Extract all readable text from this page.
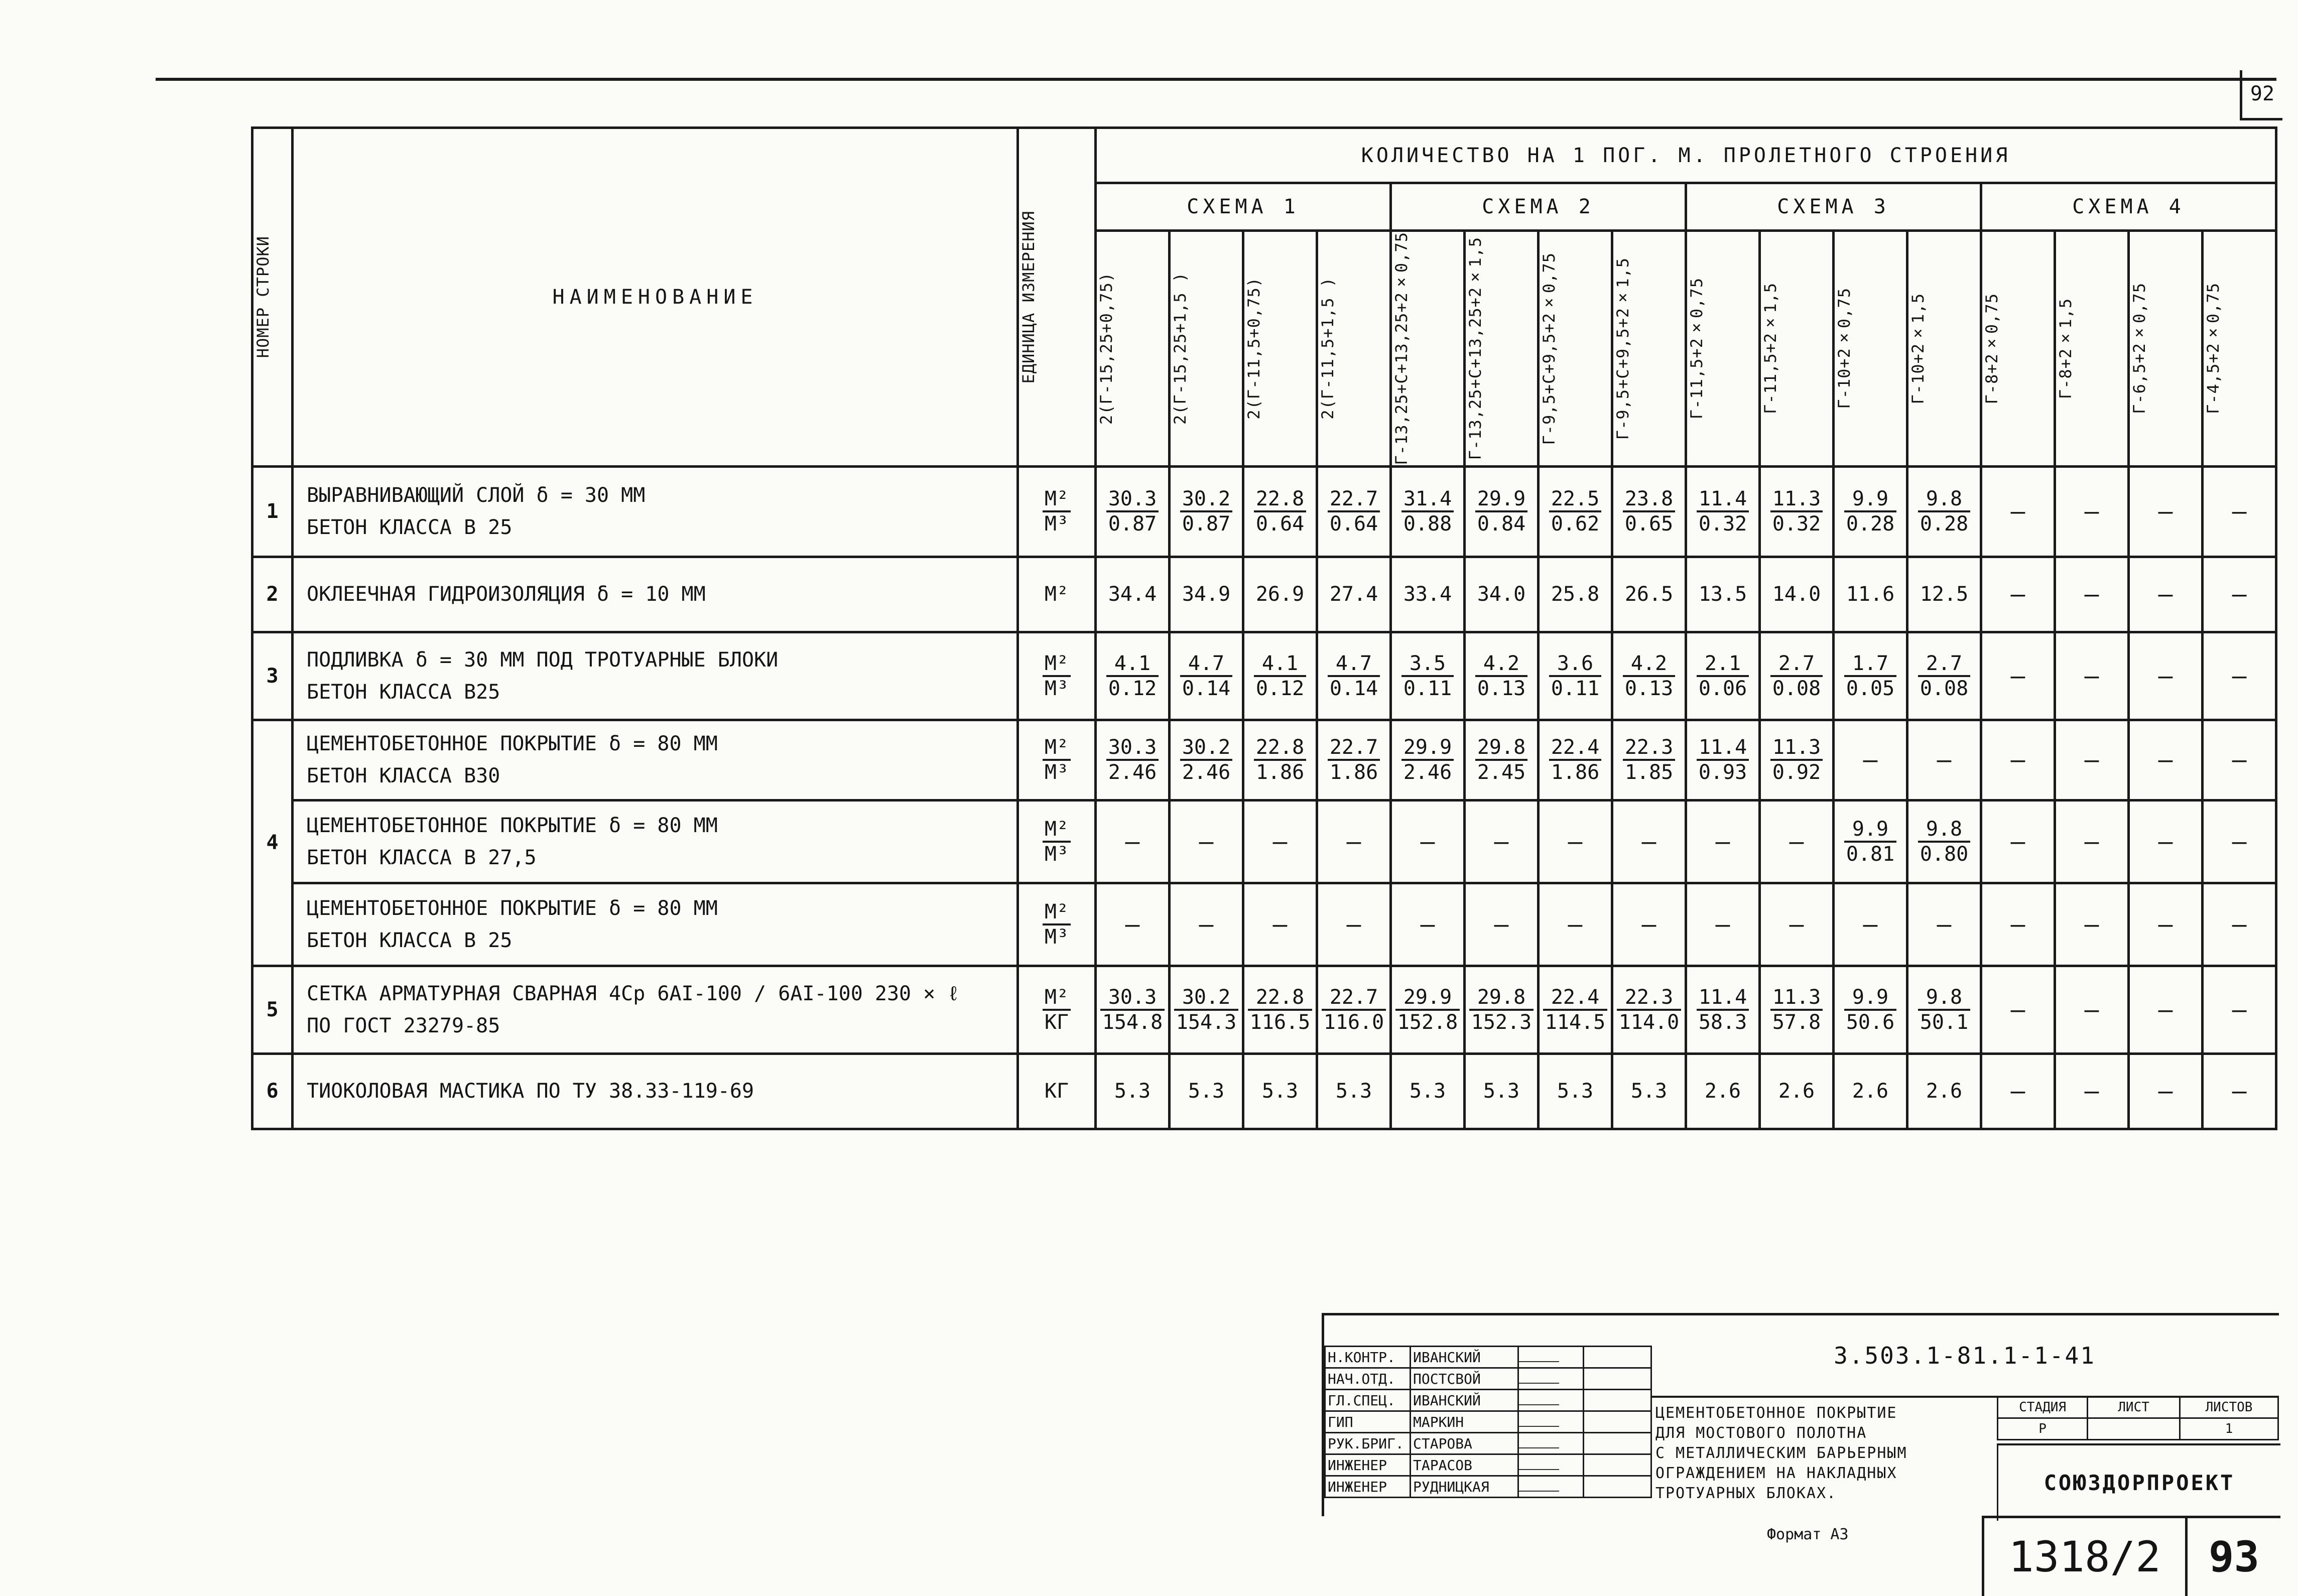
92
НОМЕР СТРОКИ	НАИМЕНОВАНИЕ	ЕДИНИЦА ИЗМЕРЕНИЯ	КОЛИЧЕСТВО НА 1 ПОГ. М. ПРОЛЕТНОГО СТРОЕНИЯ															
			СХЕМА 1				СХЕМА 2				СХЕМА 3				СХЕМА 4			

			2(Г-15,25+0,75)	2(Г-15,25+1,5 )	2(Г-11,5+0,75)	2(Г-11,5+1,5 )	Г-13,25+С+13,25+2×0,75	Г-13,25+С+13,25+2×1,5	Г-9,5+С+9,5+2×0,75	Г-9,5+С+9,5+2×1,5	Г-11,5+2×0,75	Г-11,5+2×1,5	Г-10+2×0,75	Г-10+2×1,5	Г-8+2×0,75	Г-8+2×1,5	Г-6,5+2×0,75	Г-4,5+2×0,75

1	ВЫРАВНИВАЮЩИЙ СЛОЙ δ = 30 ММ
БЕТОН КЛАССА В 25	$\frac{\text{М²}}{\text{М³}}$	$\frac{30.3}{0.87}$	$\frac{30.2}{0.87}$	$\frac{22.8}{0.64}$	$\frac{22.7}{0.64}$	$\frac{31.4}{0.88}$	$\frac{29.9}{0.84}$	$\frac{22.5}{0.62}$	$\frac{23.8}{0.65}$	$\frac{11.4}{0.32}$	$\frac{11.3}{0.32}$	$\frac{9.9}{0.28}$	$\frac{9.8}{0.28}$	—	—	—	—
2	ОКЛЕЕЧНАЯ ГИДРОИЗОЛЯЦИЯ δ = 10 ММ	М²	34.4	34.9	26.9	27.4	33.4	34.0	25.8	26.5	13.5	14.0	11.6	12.5	—	—	—	—
3	ПОДЛИВКА δ = 30 ММ ПОД ТРОТУАРНЫЕ БЛОКИ
БЕТОН КЛАССА В25	$\frac{\text{М²}}{\text{М³}}$	$\frac{4.1}{0.12}$	$\frac{4.7}{0.14}$	$\frac{4.1}{0.12}$	$\frac{4.7}{0.14}$	$\frac{3.5}{0.11}$	$\frac{4.2}{0.13}$	$\frac{3.6}{0.11}$	$\frac{4.2}{0.13}$	$\frac{2.1}{0.06}$	$\frac{2.7}{0.08}$	$\frac{1.7}{0.05}$	$\frac{2.7}{0.08}$	—	—	—	—
4	ЦЕМЕНТОБЕТОННОЕ ПОКРЫТИЕ δ = 80 ММ
БЕТОН КЛАССА В30	$\frac{\text{М²}}{\text{М³}}$	$\frac{30.3}{2.46}$	$\frac{30.2}{2.46}$	$\frac{22.8}{1.86}$	$\frac{22.7}{1.86}$	$\frac{29.9}{2.46}$	$\frac{29.8}{2.45}$	$\frac{22.4}{1.86}$	$\frac{22.3}{1.85}$	$\frac{11.4}{0.93}$	$\frac{11.3}{0.92}$	—	—	—	—	—	—

	ЦЕМЕНТОБЕТОННОЕ ПОКРЫТИЕ δ = 80 ММ
БЕТОН КЛАССА В 27,5	$\frac{\text{М²}}{\text{М³}}$	—	—	—	—	—	—	—	—	—	—	$\frac{9.9}{0.81}$	$\frac{9.8}{0.80}$	—	—	—	—

	ЦЕМЕНТОБЕТОННОЕ ПОКРЫТИЕ δ = 80 ММ
БЕТОН КЛАССА В 25	$\frac{\text{М²}}{\text{М³}}$	—	—	—	—	—	—	—	—	—	—	—	—	—	—	—	—
5	СЕТКА АРМАТУРНАЯ СВАРНАЯ 4Ср 6АI-100 / 6АI-100 230 × ℓ
ПО ГОСТ 23279-85	$\frac{\text{М²}}{КГ}$	$\frac{30.3}{154.8}$	$\frac{30.2}{154.3}$	$\frac{22.8}{116.5}$	$\frac{22.7}{116.0}$	$\frac{29.9}{152.8}$	$\frac{29.8}{152.3}$	$\frac{22.4}{114.5}$	$\frac{22.3}{114.0}$	$\frac{11.4}{58.3}$	$\frac{11.3}{57.8}$	$\frac{9.9}{50.6}$	$\frac{9.8}{50.1}$	—	—	—	—
6	ТИОКОЛОВАЯ МАСТИКА ПО ТУ 38.33-119-69	КГ	5.3	5.3	5.3	5.3	5.3	5.3	5.3	5.3	2.6	2.6	2.6	2.6	—	—	—	—
Н.КОНТР.	ИВАНСКИЙ		
НАЧ.ОТД.	ПОСТСВОЙ		
ГЛ.СПЕЦ.	ИВАНСКИЙ		
ГИП	МАРКИН		
РУК.БРИГ.	СТАРОВА		
ИНЖЕНЕР	ТАРАСОВ		
ИНЖЕНЕР	РУДНИЦКАЯ		
3.503.1-81.1-1-41
ЦЕМЕНТОБЕТОННОЕ ПОКРЫТИЕ
ДЛЯ МОСТОВОГО ПОЛОТНА
С МЕТАЛЛИЧЕСКИМ БАРЬЕРНЫМ
ОГРАЖДЕНИЕМ НА НАКЛАДНЫХ
ТРОТУАРНЫХ БЛОКАХ.
СТАДИЯ	ЛИСТ	ЛИСТОВ
Р		1
СОЮЗДОРПРОЕКТ
Формат А3	1318/2	93
